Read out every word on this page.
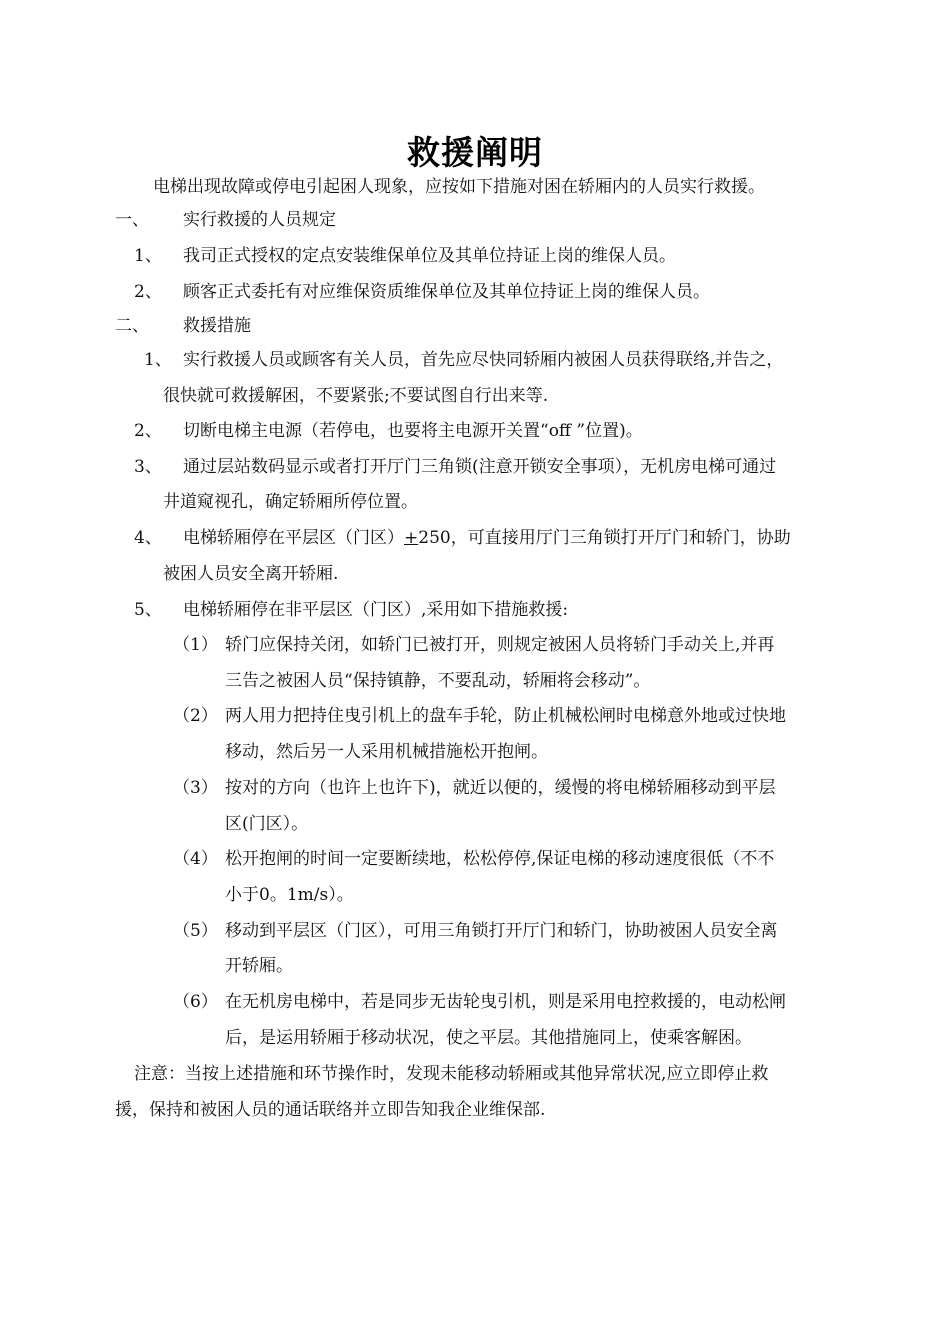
救援阐明
电梯出现故障或停电引起困人现象，应按如下措施对困在轿厢内的人员实行救援。
一、 实行救援的人员规定
1、 我司正式授权的定点安装维保单位及其单位持证上岗的维保人员。
2、 顾客正式委托有对应维保资质维保单位及其单位持证上岗的维保人员。
二、 救援措施
1、 实行救援人员或顾客有关人员，首先应尽快同轿厢内被困人员获得联络,并告之，
很快就可救援解困，不要紧张;不要试图自行出来等.
2、 切断电梯主电源（若停电，也要将主电源开关置“off ”位置)。
3、 通过层站数码显示或者打开厅门三角锁(注意开锁安全事项），无机房电梯可通过
井道窥视孔，确定轿厢所停位置。
4、 电梯轿厢停在平层区（门区）+250，可直接用厅门三角锁打开厅门和轿门，协助
被困人员安全离开轿厢.
5、 电梯轿厢停在非平层区（门区）,采用如下措施救援:
（1） 轿门应保持关闭，如轿门已被打开，则规定被困人员将轿门手动关上,并再
三告之被困人员“保持镇静，不要乱动，轿厢将会移动”。
（2） 两人用力把持住曳引机上的盘车手轮，防止机械松闸时电梯意外地或过快地
移动，然后另一人采用机械措施松开抱闸。
（3） 按对的方向（也许上也许下)，就近以便的，缓慢的将电梯轿厢移动到平层
区(门区）。
（4） 松开抱闸的时间一定要断续地，松松停停,保证电梯的移动速度很低（不不
小于0。1m/s）。
（5） 移动到平层区（门区），可用三角锁打开厅门和轿门，协助被困人员安全离
开轿厢。
（6） 在无机房电梯中，若是同步无齿轮曳引机，则是采用电控救援的，电动松闸
后，是运用轿厢于移动状况，使之平层。其他措施同上，使乘客解困。
注意：当按上述措施和环节操作时，发现未能移动轿厢或其他异常状况,应立即停止救
援，保持和被困人员的通话联络并立即告知我企业维保部.
